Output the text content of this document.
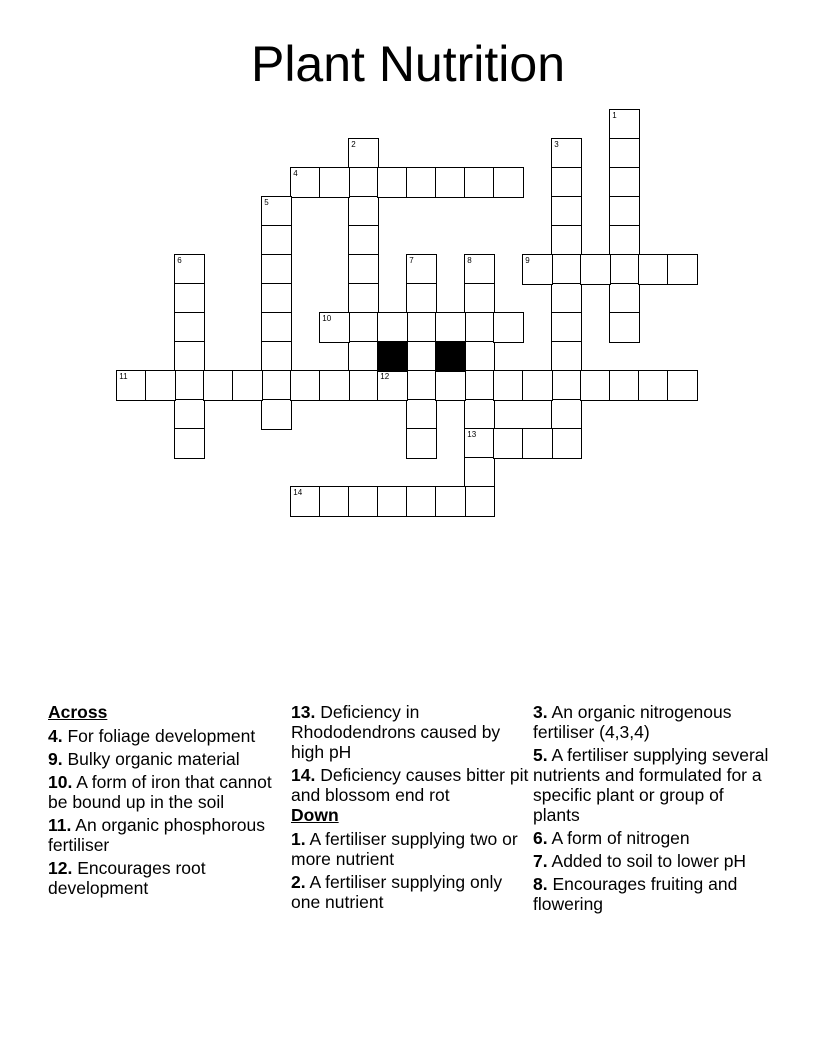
Plant Nutrition
1
2	3
4
5
6	7	8
13
9
10
11	12
14
Across
4. For foliage development
9. Bulky organic material
10. A form of iron that cannot be bound up in the soil
11. An organic phosphorous fertiliser
12. Encourages root development
13. Deficiency in Rhododendrons caused by high pH
14. Deficiency causes bitter pit and blossom end rot
Down
1. A fertiliser supplying two or more nutrient
2. A fertiliser supplying only one nutrient
3. An organic nitrogenous fertiliser (4,3,4)
5. A fertiliser supplying several nutrients and formulated for a specific plant or group of plants
6. A form of nitrogen
7. Added to soil to lower pH
8. Encourages fruiting and flowering
